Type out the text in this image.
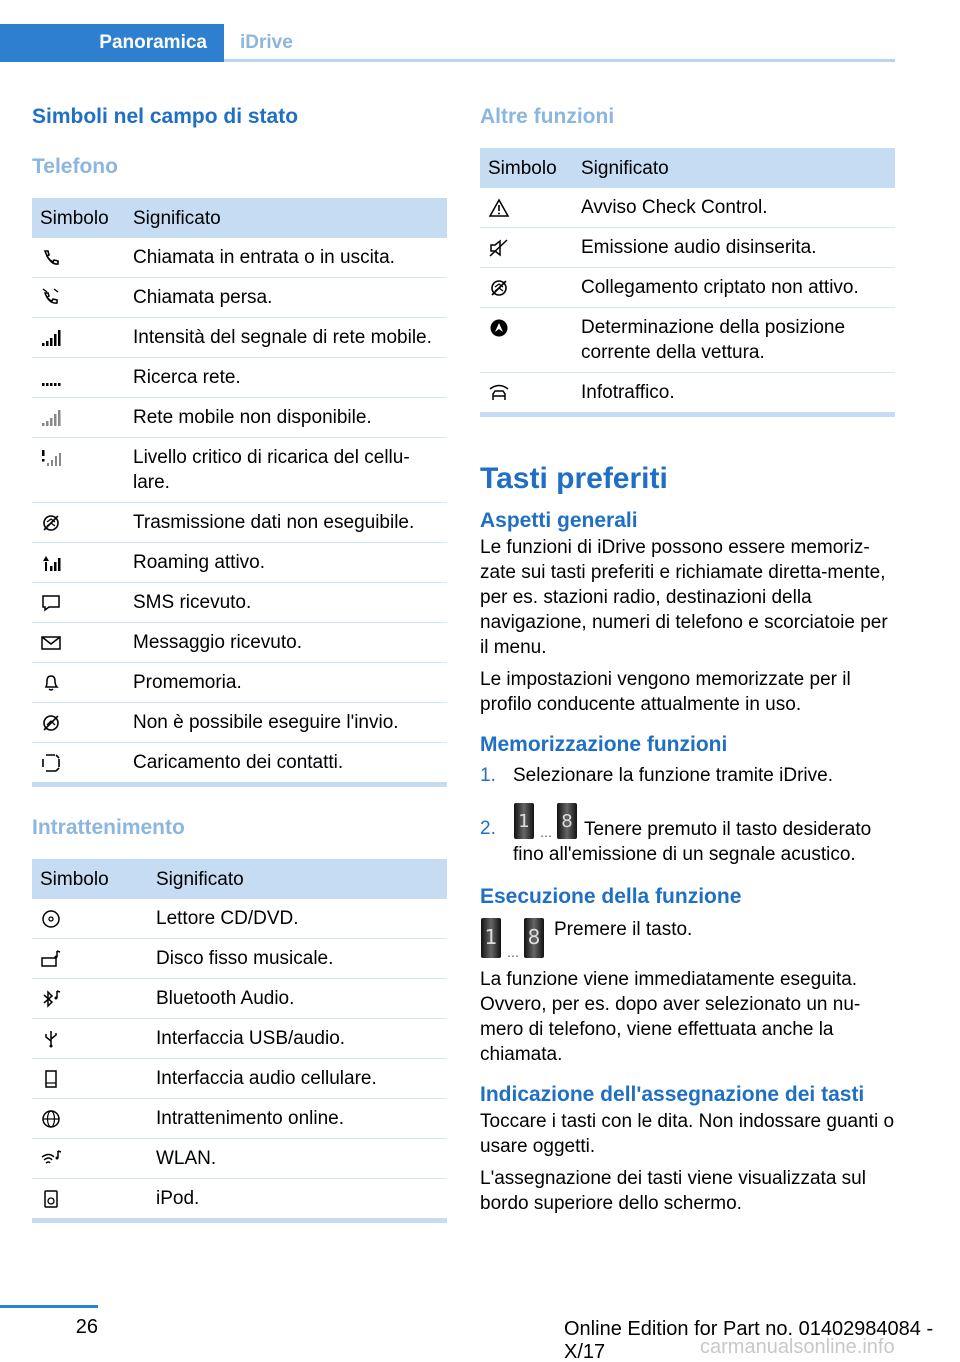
Panoramica iDrive
Simboli nel campo di stato
Telefono
Simbolo	Significato

	Chiamata in entrata o in uscita.

	Chiamata persa.

	Intensità del segnale di rete mobile.

	Ricerca rete.

	Rete mobile non disponibile.

	Livello critico di ricarica del cellu‐lare.

	Trasmissione dati non eseguibile.

	Roaming attivo.

	SMS ricevuto.

	Messaggio ricevuto.

	Promemoria.

	Non è possibile eseguire l'invio.

	Caricamento dei contatti.
Intrattenimento
Simbolo	Significato

	Lettore CD/DVD.

	Disco fisso musicale.

	Bluetooth Audio.

	Interfaccia USB/audio.

	Interfaccia audio cellulare.

	Intrattenimento online.

	WLAN.

	iPod.
Altre funzioni
Simbolo	Significato

	Avviso Check Control.

	Emissione audio disinserita.

	Collegamento criptato non attivo.

	Determinazione della posizione corrente della vettura.

	Infotraffico.
Tasti preferiti
Aspetti generali

Le funzioni di iDrive possono essere memoriz‐zate sui tasti preferiti e richiamate diretta‐mente, per es. stazioni radio, destinazioni della navigazione, numeri di telefono e scorciatoie per il menu.

Le impostazioni vengono memorizzate per il profilo conducente attualmente in uso.

Memorizzazione funzioni
1. Selezionare la funzione tramite iDrive.
2.	1
…
8 Tenere premuto il tasto desiderato fino all'emissione di un segnale acustico.
Esecuzione della funzione
1
…
8 Premere il tasto.

La funzione viene immediatamente eseguita. Ovvero, per es. dopo aver selezionato un nu‐mero di telefono, viene effettuata anche la chiamata.

Indicazione dell'assegnazione dei tasti

Toccare i tasti con le dita. Non indossare guanti o usare oggetti.

L'assegnazione dei tasti viene visualizzata sul bordo superiore dello schermo.

26	Online Edition for Part no. 01402984084 - X/17	carmanualsonline.info
